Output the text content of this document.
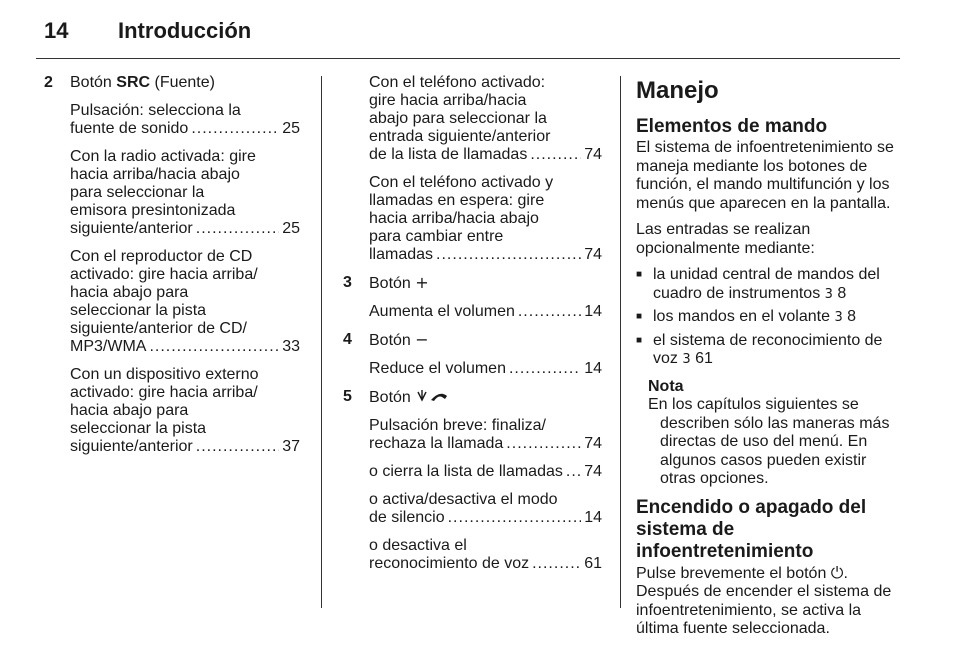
14 Introducción
2 Botón SRC (Fuente)
Pulsación: selecciona la
fuente de sonido .....	25
Con la radio activada: gire
hacia arriba/hacia abajo
para seleccionar la
emisora presintonizada
siguiente/anterior .....	25
Con el reproductor de CD
activado: gire hacia arriba/
hacia abajo para
seleccionar la pista
siguiente/anterior de CD/
MP3/WMA .....	33
Con un dispositivo externo
activado: gire hacia arriba/
hacia abajo para
seleccionar la pista
siguiente/anterior .....	37
Con el teléfono activado:
gire hacia arriba/hacia
abajo para seleccionar la
entrada siguiente/anterior
de la lista de llamadas .....	74
Con el teléfono activado y
llamadas en espera: gire
hacia arriba/hacia abajo
para cambiar entre
llamadas .....	74
3 Botón +
Aumenta el volumen .....	14
4 Botón −
Reduce el volumen .....	14
5 Botón
Pulsación breve: finaliza/
rechaza la llamada .....	74
o cierra la lista de llamadas ..... 74
o activa/desactiva el modo
de silencio .....	14
o desactiva el
reconocimiento de voz .....	61
Manejo
Elementos de mando
El sistema de infoentretenimiento se maneja mediante los botones de función, el mando multifunción y los menús que aparecen en la pantalla.
Las entradas se realizan opcionalmente mediante:
■ la unidad central de mandos del cuadro de instrumentos 3 8
■ los mandos en el volante 3 8
■ el sistema de reconocimiento de voz 3 61
Nota
En los capítulos siguientes se describen sólo las maneras más directas de uso del menú. En algunos casos pueden existir otras opciones.
Encendido o apagado del sistema de infoentretenimiento
Pulse brevemente el botón ⏻. Después de encender el sistema de infoentretenimiento, se activa la última fuente seleccionada.
